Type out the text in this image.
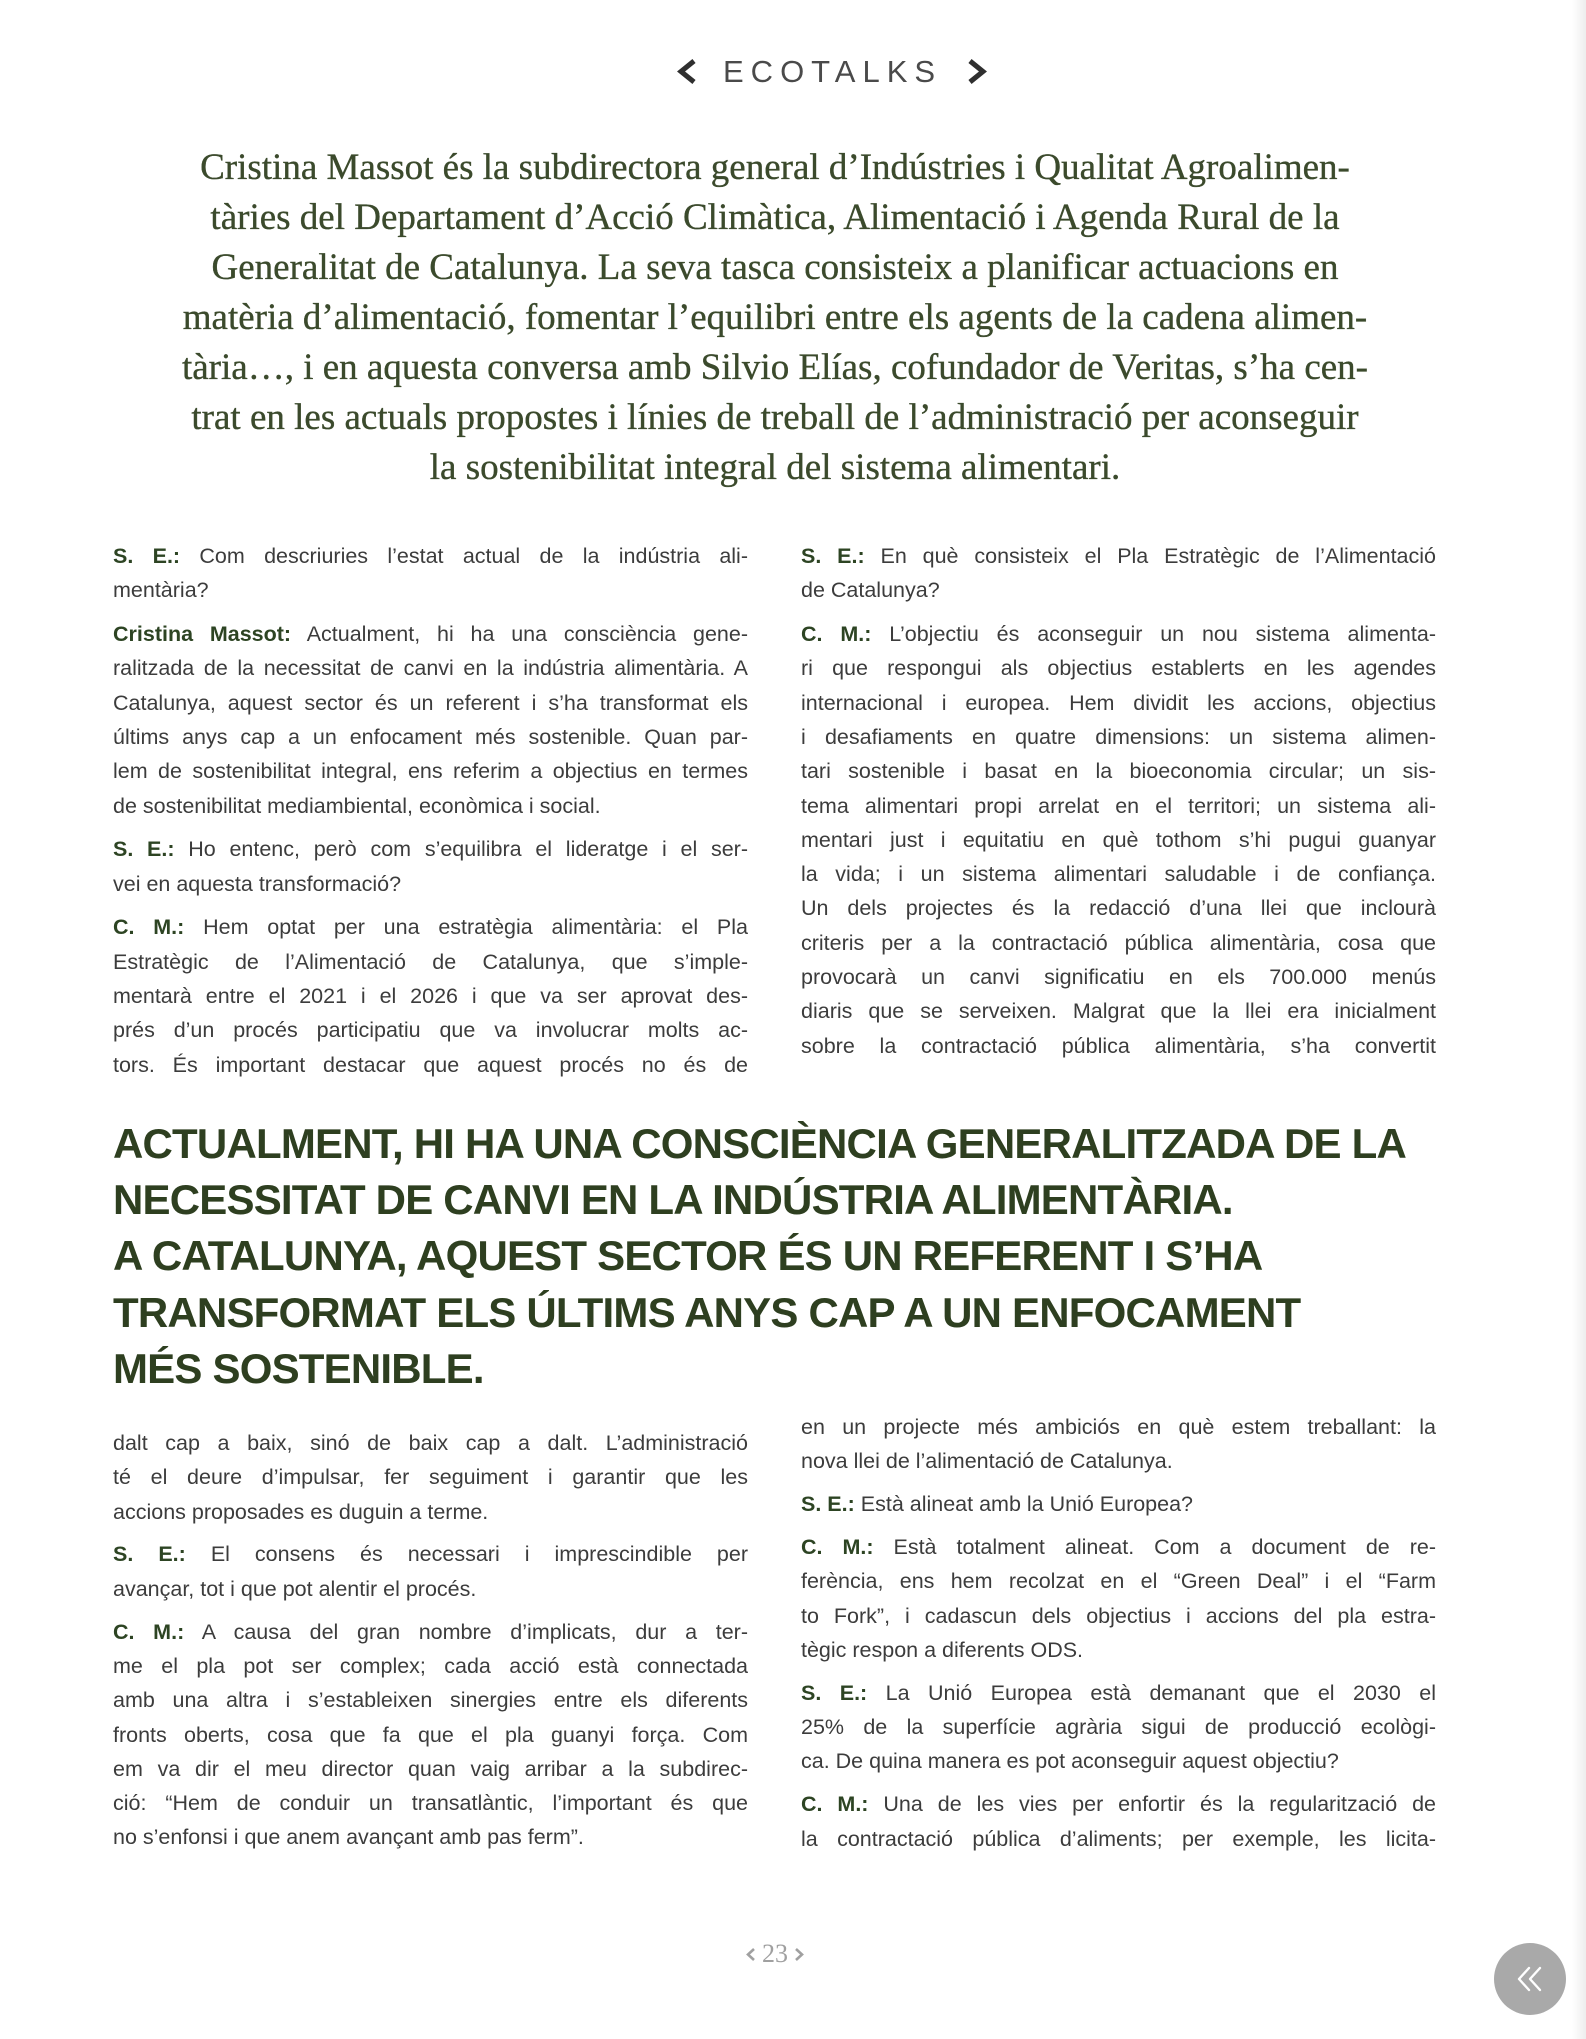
ECOTALKS
Cristina Massot és la subdirectora general d’Indústries i Qualitat Agroalimen-
tàries del Departament d’Acció Climàtica, Alimentació i Agenda Rural de la
Generalitat de Catalunya. La seva tasca consisteix a planificar actuacions en
matèria d’alimentació, fomentar l’equilibri entre els agents de la cadena alimen-
tària…, i en aquesta conversa amb Silvio Elías, cofundador de Veritas, s’ha cen-
trat en les actuals propostes i línies de treball de l’administració per aconseguir
la sostenibilitat integral del sistema alimentari.
S. E.: Com descriuries l’estat actual de la indústria ali-
mentària?
Cristina Massot: Actualment, hi ha una consciència gene-
ralitzada de la necessitat de canvi en la indústria alimentària. A
Catalunya, aquest sector és un referent i s’ha transformat els
últims anys cap a un enfocament més sostenible. Quan par-
lem de sostenibilitat integral, ens referim a objectius en termes
de sostenibilitat mediambiental, econòmica i social.
S. E.: Ho entenc, però com s’equilibra el lideratge i el ser-
vei en aquesta transformació?
C. M.: Hem optat per una estratègia alimentària: el Pla
Estratègic de l’Alimentació de Catalunya, que s’imple-
mentarà entre el 2021 i el 2026 i que va ser aprovat des-
prés d’un procés participatiu que va involucrar molts ac-
tors. És important destacar que aquest procés no és de
S. E.: En què consisteix el Pla Estratègic de l’Alimentació
de Catalunya?
C. M.: L’objectiu és aconseguir un nou sistema alimenta-
ri que respongui als objectius establerts en les agendes
internacional i europea. Hem dividit les accions, objectius
i desafiaments en quatre dimensions: un sistema alimen-
tari sostenible i basat en la bioeconomia circular; un sis-
tema alimentari propi arrelat en el territori; un sistema ali-
mentari just i equitatiu en què tothom s’hi pugui guanyar
la vida; i un sistema alimentari saludable i de confiança.
Un dels projectes és la redacció d’una llei que inclourà
criteris per a la contractació pública alimentària, cosa que
provocarà un canvi significatiu en els 700.000 menús
diaris que se serveixen. Malgrat que la llei era inicialment
sobre la contractació pública alimentària, s’ha convertit
ACTUALMENT, HI HA UNA CONSCIÈNCIA GENERALITZADA DE LA
NECESSITAT DE CANVI EN LA INDÚSTRIA ALIMENTÀRIA.
A CATALUNYA, AQUEST SECTOR ÉS UN REFERENT I S’HA
TRANSFORMAT ELS ÚLTIMS ANYS CAP A UN ENFOCAMENT
MÉS SOSTENIBLE.
dalt cap a baix, sinó de baix cap a dalt. L’administració
té el deure d’impulsar, fer seguiment i garantir que les
accions proposades es duguin a terme.
S. E.: El consens és necessari i imprescindible per
avançar, tot i que pot alentir el procés.
C. M.: A causa del gran nombre d’implicats, dur a ter-
me el pla pot ser complex; cada acció està connectada
amb una altra i s’estableixen sinergies entre els diferents
fronts oberts, cosa que fa que el pla guanyi força. Com
em va dir el meu director quan vaig arribar a la subdirec-
ció: “Hem de conduir un transatlàntic, l’important és que
no s’enfonsi i que anem avançant amb pas ferm”.
en un projecte més ambiciós en què estem treballant: la
nova llei de l’alimentació de Catalunya.
S. E.: Està alineat amb la Unió Europea?
C. M.: Està totalment alineat. Com a document de re-
ferència, ens hem recolzat en el “Green Deal” i el “Farm
to Fork”, i cadascun dels objectius i accions del pla estra-
tègic respon a diferents ODS.
S. E.: La Unió Europea està demanant que el 2030 el
25% de la superfície agrària sigui de producció ecològi-
ca. De quina manera es pot aconseguir aquest objectiu?
C. M.: Una de les vies per enfortir és la regularització de
la contractació pública d’aliments; per exemple, les licita-
23
